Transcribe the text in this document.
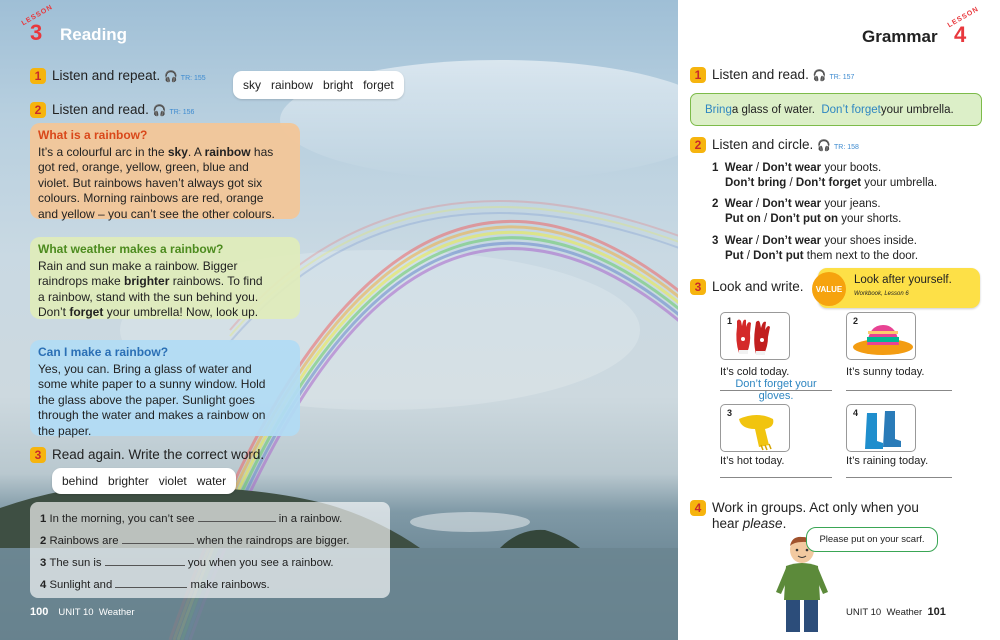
LESSON
3 Reading
1 Listen and repeat. 🎧 TR: 155	sky rainbow bright forget
2 Listen and read. 🎧 TR: 156
What is a rainbow?
It’s a colourful arc in the sky. A rainbow has
got red, orange, yellow, green, blue and
violet. But rainbows haven’t always got six
colours. Morning rainbows are red, orange
and yellow – you can’t see the other colours.
What weather makes a rainbow?
Rain and sun make a rainbow. Bigger
raindrops make brighter rainbows. To find
a rainbow, stand with the sun behind you.
Don’t forget your umbrella! Now, look up.
Can I make a rainbow?
Yes, you can. Bring a glass of water and
some white paper to a sunny window. Hold
the glass above the paper. Sunlight goes
through the water and makes a rainbow on
the paper.
3 Read again. Write the correct word.
behind brighter violet water
1 In the morning, you can’t see	in a rainbow.
2 Rainbows are	when the raindrops are bigger.
3 The sun is	you when you see a rainbow.
4 Sunlight and	make rainbows.
100 UNIT 10 Weather
Grammar
LESSON
4
1 Listen and read. 🎧 TR: 157
Bring a glass of water.
Don’t forget your umbrella.
2 Listen and circle. 🎧 TR: 158
1 Wear / Don’t wear your boots.
Don’t bring / Don’t forget your umbrella.
2 Wear / Don’t wear your jeans.
Put on / Don’t put on your shorts.
3 Wear / Don’t wear your shoes inside.
Put / Don’t put them next to the door.
3 Look and write.	VALUE
Look after yourself.
Workbook, Lesson 6
1	2
It’s cold today.
Don’t forget your gloves.
It’s sunny today.
3	4
It’s hot today.	It’s raining today.
4 Work in groups. Act only when you
hear please.
Please put on your scarf.
UNIT 10 Weather 101
